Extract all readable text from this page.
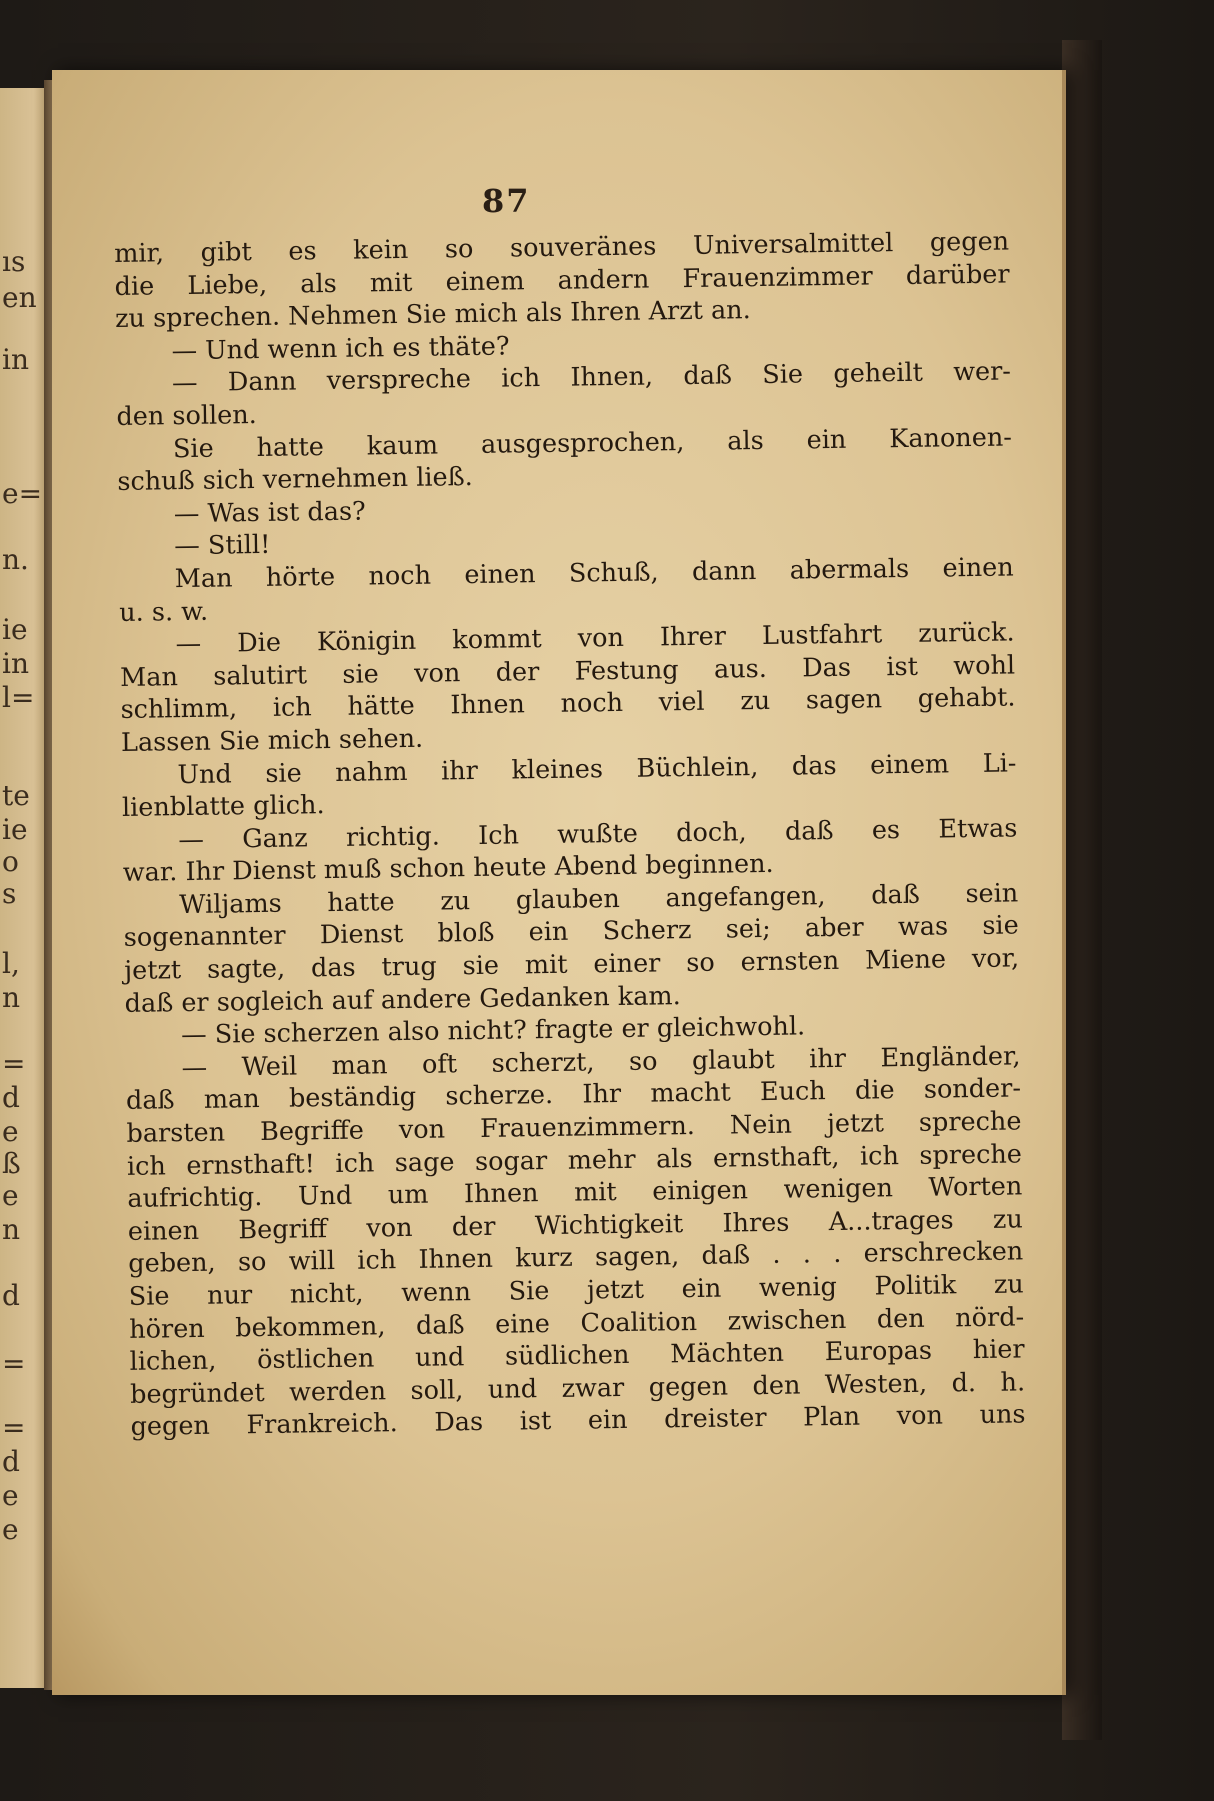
ıs
en
in
e=
n.
ie
in
l=
te
ie
o
s
l,
n
=
d
e
ß
e
n
d
=
=
d
e
e
87
mir, gibt es kein so souveränes Universalmittel gegen
die Liebe, als mit einem andern Frauenzimmer darüber
zu sprechen. Nehmen Sie mich als Ihren Arzt an.
— Und wenn ich es thäte?
— Dann verspreche ich Ihnen, daß Sie geheilt wer-
den sollen.
Sie hatte kaum ausgesprochen, als ein Kanonen-
schuß sich vernehmen ließ.
— Was ist das?
— Still!
Man hörte noch einen Schuß, dann abermals einen
u. s. w.
— Die Königin kommt von Ihrer Lustfahrt zurück.
Man salutirt sie von der Festung aus. Das ist wohl
schlimm, ich hätte Ihnen noch viel zu sagen gehabt.
Lassen Sie mich sehen.
Und sie nahm ihr kleines Büchlein, das einem Li-
lienblatte glich.
— Ganz richtig. Ich wußte doch, daß es Etwas
war. Ihr Dienst muß schon heute Abend beginnen.
Wiljams hatte zu glauben angefangen, daß sein
sogenannter Dienst bloß ein Scherz sei; aber was sie
jetzt sagte, das trug sie mit einer so ernsten Miene vor,
daß er sogleich auf andere Gedanken kam.
— Sie scherzen also nicht? fragte er gleichwohl.
— Weil man oft scherzt, so glaubt ihr Engländer,
daß man beständig scherze. Ihr macht Euch die sonder-
barsten Begriffe von Frauenzimmern. Nein jetzt spreche
ich ernsthaft! ich sage sogar mehr als ernsthaft, ich spreche
aufrichtig. Und um Ihnen mit einigen wenigen Worten
einen Begriff von der Wichtigkeit Ihres A...trages zu
geben, so will ich Ihnen kurz sagen, daß . . . erschrecken
Sie nur nicht, wenn Sie jetzt ein wenig Politik zu
hören bekommen, daß eine Coalition zwischen den nörd-
lichen, östlichen und südlichen Mächten Europas hier
begründet werden soll, und zwar gegen den Westen, d. h.
gegen Frankreich. Das ist ein dreister Plan von uns
